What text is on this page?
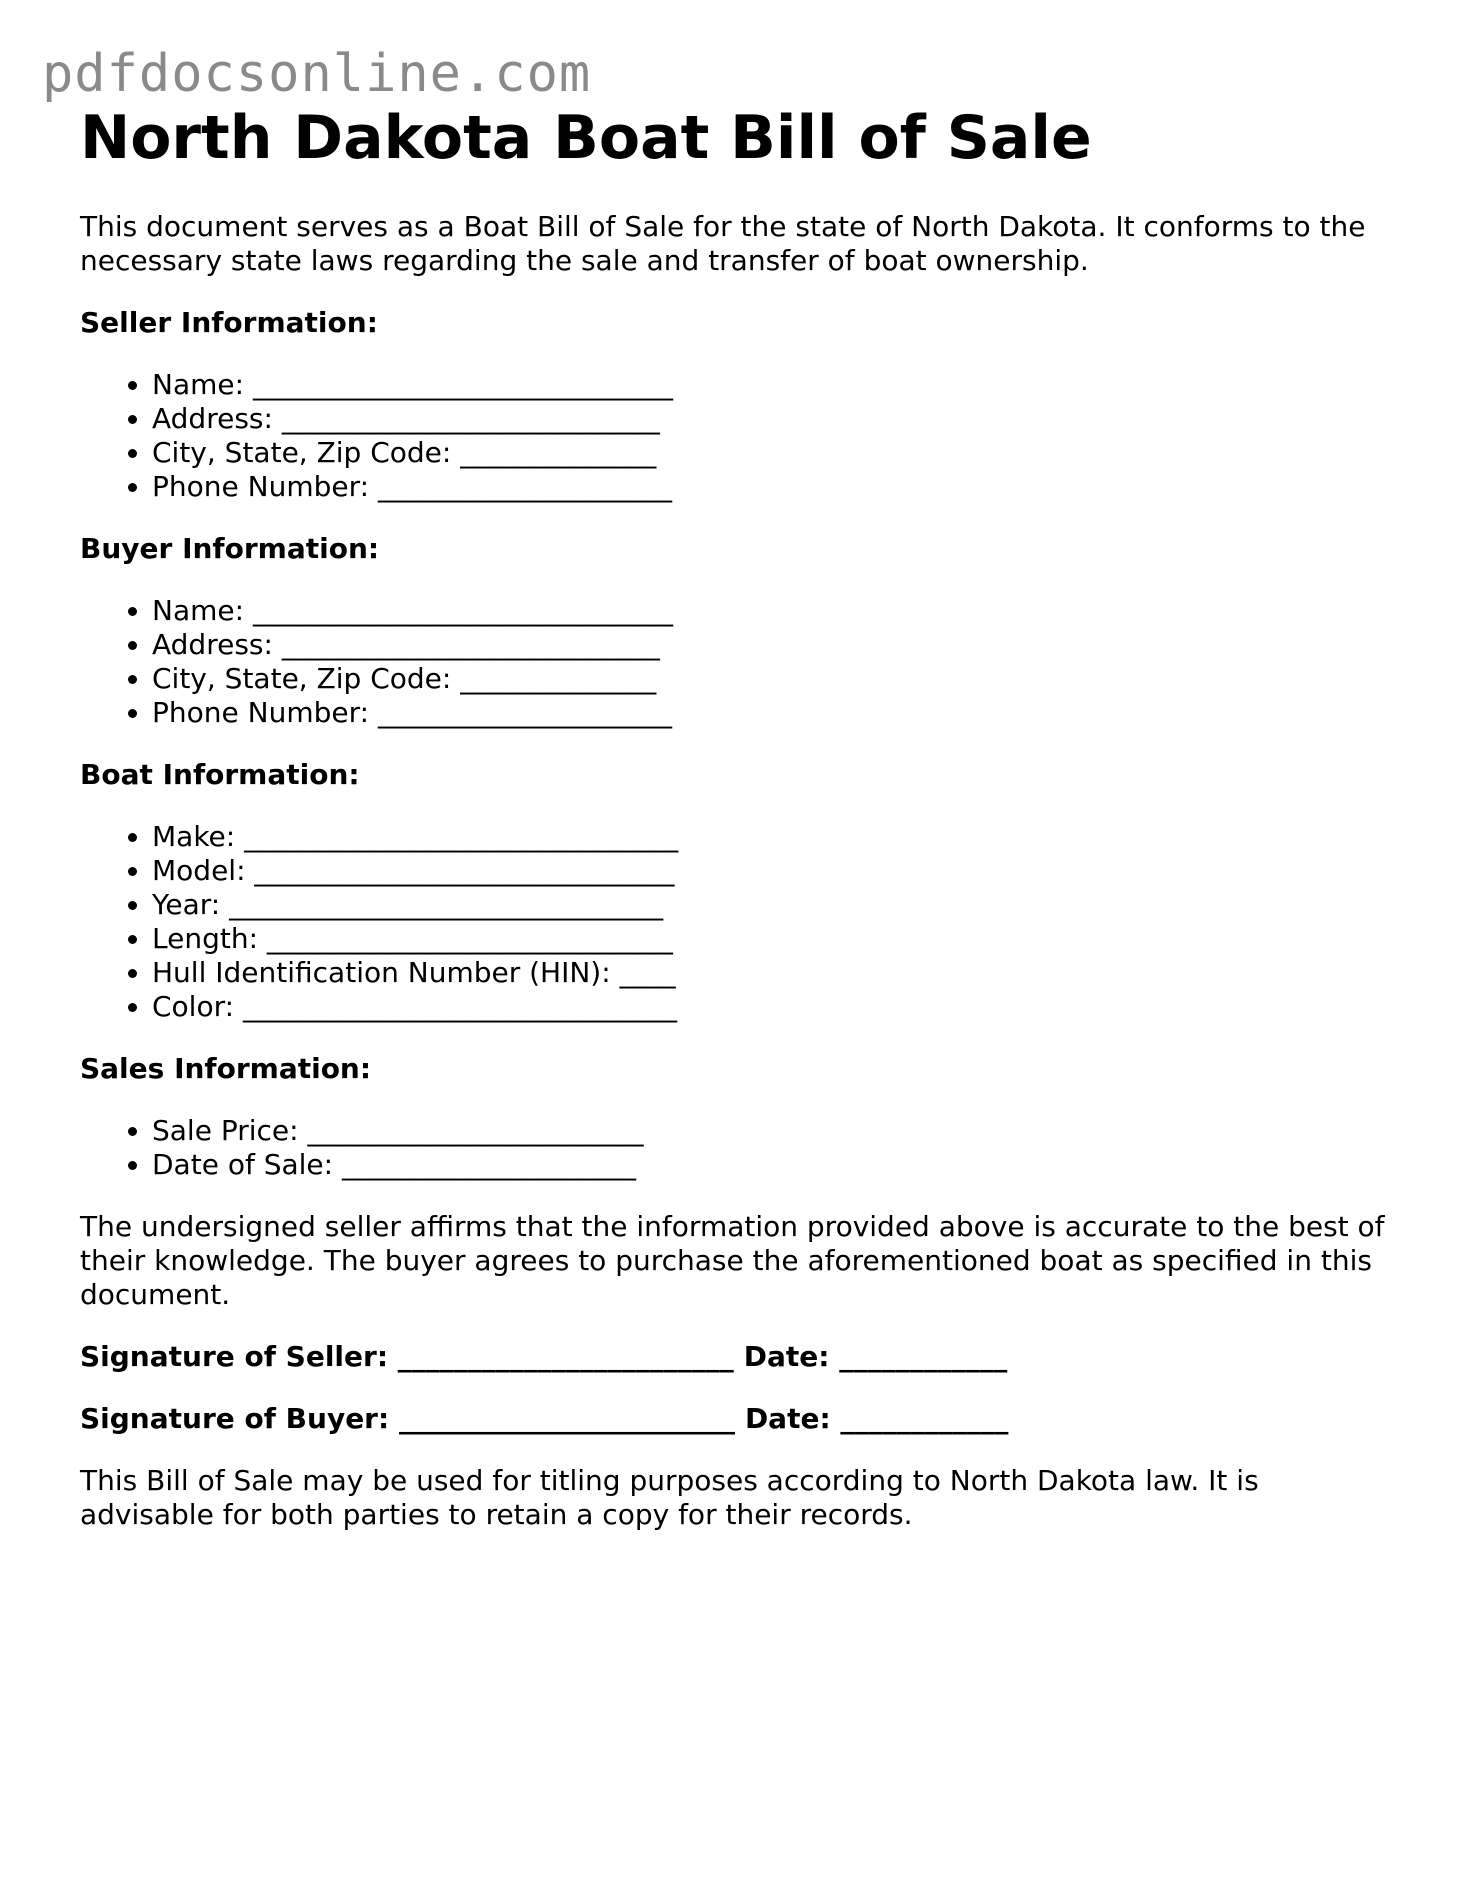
pdfdocsonline.com
North Dakota Boat Bill of Sale

This document serves as a Boat Bill of Sale for the state of North Dakota. It conforms to the necessary state laws regarding the sale and transfer of boat ownership.

Seller Information:
• Name: ______________________________
• Address: ___________________________
• City, State, Zip Code: ______________
• Phone Number: _____________________
Buyer Information:
• Name: ______________________________
• Address: ___________________________
• City, State, Zip Code: ______________
• Phone Number: _____________________
Boat Information:
• Make: _______________________________
• Model: ______________________________
• Year: _______________________________
• Length: _____________________________
• Hull Identification Number (HIN): ____
• Color: _______________________________
Sales Information:
• Sale Price: ________________________
• Date of Sale: _____________________

The undersigned seller affirms that the information provided above is accurate to the best of their knowledge. The buyer agrees to purchase the aforementioned boat as specified in this document.

Signature of Seller: ________________________ Date: ____________
Signature of Buyer: ________________________ Date: ____________

This Bill of Sale may be used for titling purposes according to North Dakota law. It is advisable for both parties to retain a copy for their records.
